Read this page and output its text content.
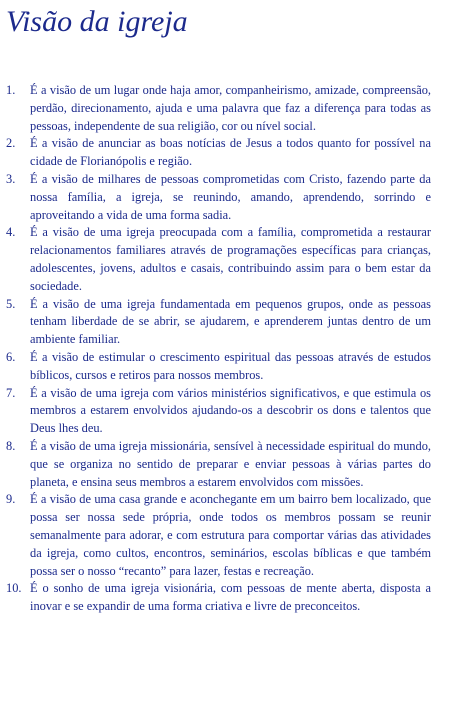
Visão da igreja
1.	É a visão de um lugar onde haja amor, companheirismo, amizade, compreensão, perdão, direcionamento, ajuda e uma palavra que faz a diferença para todas as pessoas, independente de sua religião, cor ou nível social.
2.	É a visão de anunciar as boas notícias de Jesus a todos quanto for possível na cidade de Florianópolis e região.
3.	É a visão de milhares de pessoas comprometidas com Cristo, fazendo parte da nossa família, a igreja, se reunindo, amando, aprendendo, sorrindo e aproveitando a vida de uma forma sadia.
4.	É a visão de uma igreja preocupada com a família, comprometida a restaurar relacionamentos familiares através de programações específicas para crianças, adolescentes, jovens, adultos e casais, contribuindo assim para o bem estar da sociedade.
5.	É a visão de uma igreja fundamentada em pequenos grupos, onde as pessoas tenham liberdade de se abrir, se ajudarem, e aprenderem juntas dentro de um ambiente familiar.
6.	É a visão de estimular o crescimento espiritual das pessoas através de estudos bíblicos, cursos e retiros para nossos membros.
7.	É a visão de uma igreja com vários ministérios significativos, e que estimula os membros a estarem envolvidos ajudando-os a descobrir os dons e talentos que Deus lhes deu.
8.	É a visão de uma igreja missionária, sensível à necessidade espiritual do mundo, que se organiza no sentido de preparar e enviar pessoas à várias partes do planeta, e ensina seus membros a estarem envolvidos com missões.
9.	É a visão de uma casa grande e aconchegante em um bairro bem localizado, que possa ser nossa sede própria, onde todos os membros possam se reunir semanalmente para adorar, e com estrutura para comportar várias das atividades da igreja, como cultos, encontros, seminários, escolas bíblicas e que também possa ser o nosso “recanto” para lazer, festas e recreação.
10. É o sonho de uma igreja visionária, com pessoas de mente aberta, disposta a inovar e se expandir de uma forma criativa e livre de preconceitos.
